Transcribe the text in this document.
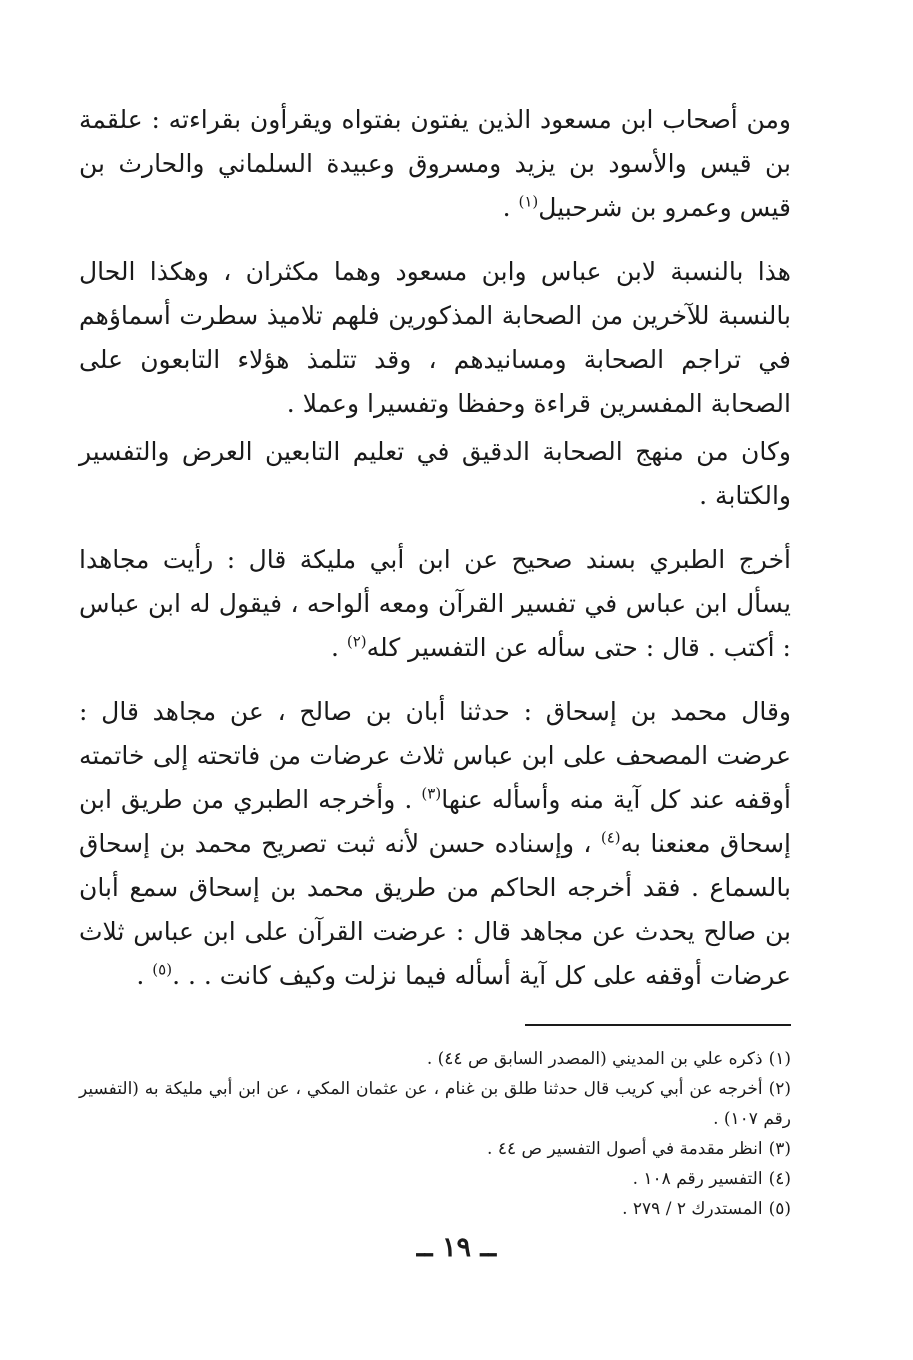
ومن أصحاب ابن مسعود الذين يفتون بفتواه ويقرأون بقراءته : علقمة بن قيس والأسود بن يزيد ومسروق وعبيدة السلماني والحارث بن قيس وعمرو بن شرحبيل$^{(١)}$ .

هذا بالنسبة لابن عباس وابن مسعود وهما مكثران ، وهكذا الحال بالنسبة للآخرين من الصحابة المذكورين فلهم تلاميذ سطرت أسماؤهم في تراجم الصحابة ومسانيدهم ، وقد تتلمذ هؤلاء التابعون على الصحابة المفسرين قراءة وحفظا وتفسيرا وعملا .

وكان من منهج الصحابة الدقيق في تعليم التابعين العرض والتفسير والكتابة .

أخرج الطبري بسند صحيح عن ابن أبي مليكة قال : رأيت مجاهدا يسأل ابن عباس في تفسير القرآن ومعه ألواحه ، فيقول له ابن عباس : أكتب . قال : حتى سأله عن التفسير كله$^{(٢)}$ .

وقال محمد بن إسحاق : حدثنا أبان بن صالح ، عن مجاهد قال : عرضت المصحف على ابن عباس ثلاث عرضات من فاتحته إلى خاتمته أوقفه عند كل آية منه وأسأله عنها$^{(٣)}$ . وأخرجه الطبري من طريق ابن إسحاق معنعنا به$^{(٤)}$ ، وإسناده حسن لأنه ثبت تصريح محمد بن إسحاق بالسماع . فقد أخرجه الحاكم من طريق محمد بن إسحاق سمع أبان بن صالح يحدث عن مجاهد قال : عرضت القرآن على ابن عباس ثلاث عرضات أوقفه على كل آية أسأله فيما نزلت وكيف كانت . . .$^{(٥)}$ .

(١)ذكره علي بن المديني (المصدر السابق ص ٤٤) .

(٢)أخرجه عن أبي كريب قال حدثنا طلق بن غنام ، عن عثمان المكي ، عن ابن أبي مليكة به (التفسير رقم ١٠٧) .

(٣)انظر مقدمة في أصول التفسير ص ٤٤ .

(٤)التفسير رقم ١٠٨ .

(٥)المستدرك ٢ / ٢٧٩ .

ــ ١٩ ــ
